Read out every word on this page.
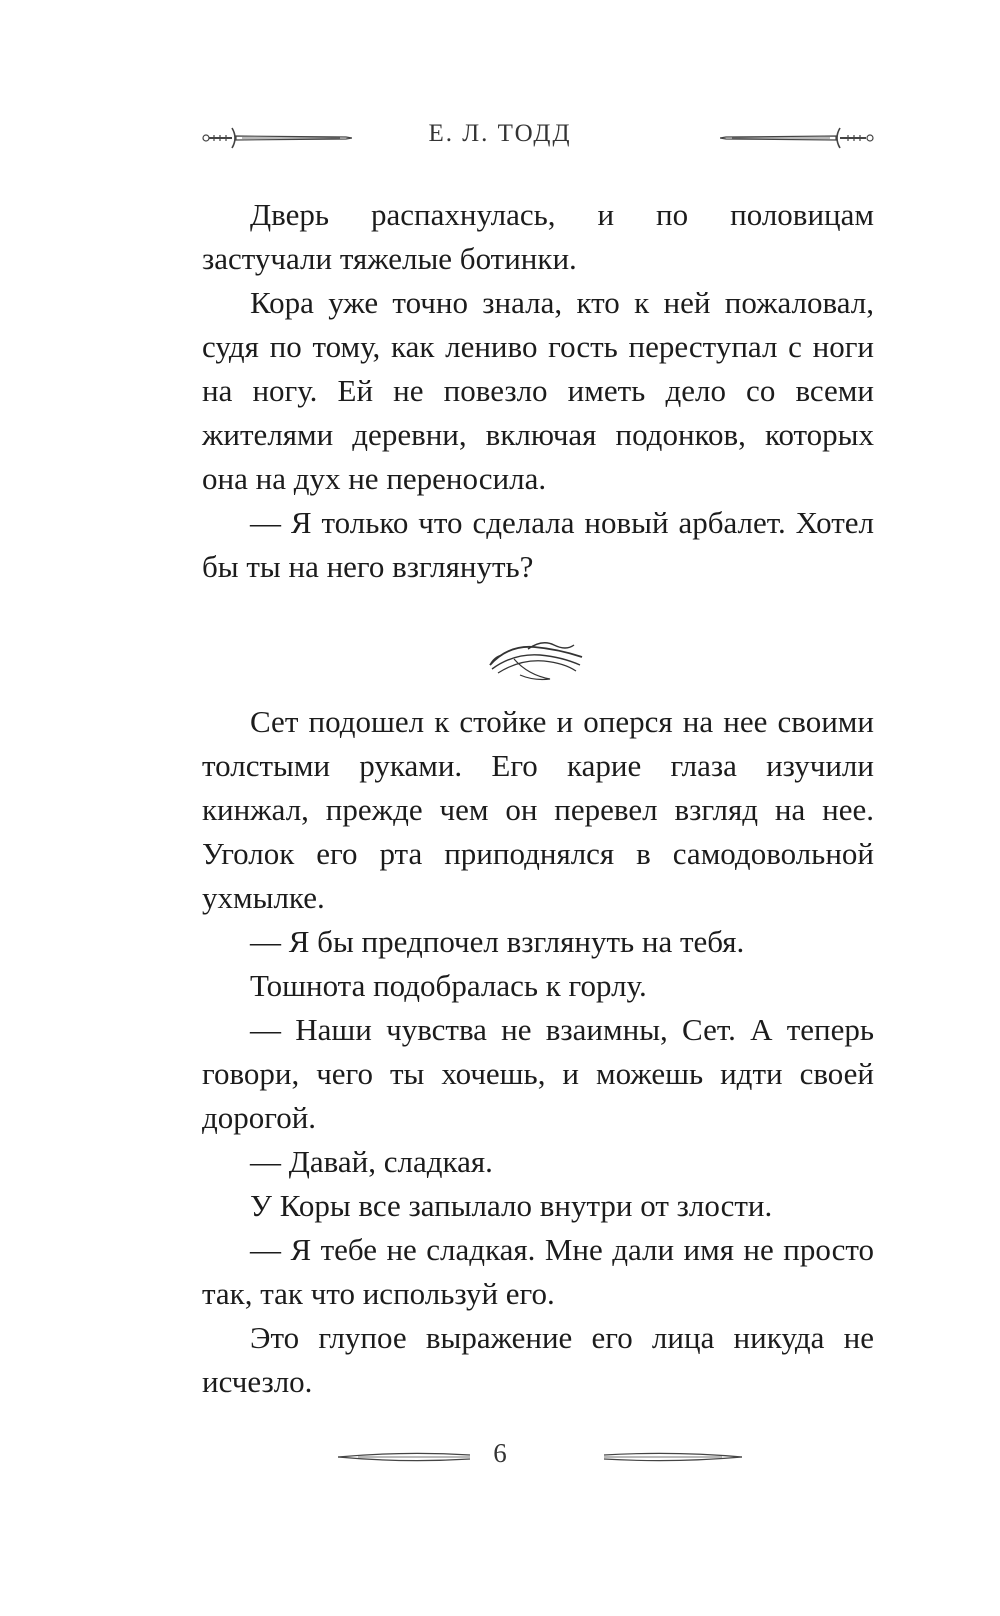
Е. Л. ТОДД

Дверь распахнулась, и по половицам застучали тяжелые ботинки.

Кора уже точно знала, кто к ней пожаловал, судя по тому, как лениво гость переступал с ноги на ногу. Ей не повезло иметь дело со всеми жителями деревни, включая подонков, которых она на дух не переносила.

— Я только что сделала новый арбалет. Хотел бы ты на него взглянуть?

Сет подошел к стойке и оперся на нее своими толстыми руками. Его карие глаза изучили кинжал, прежде чем он перевел взгляд на нее. Уголок его рта приподнялся в самодовольной ухмылке.

— Я бы предпочел взглянуть на тебя.

Тошнота подобралась к горлу.

— Наши чувства не взаимны, Сет. А теперь говори, чего ты хочешь, и можешь идти своей дорогой.

— Давай, сладкая.

У Коры все запылало внутри от злости.

— Я тебе не сладкая. Мне дали имя не просто так, так что используй его.

Это глупое выражение его лица никуда не исчезло.

6
